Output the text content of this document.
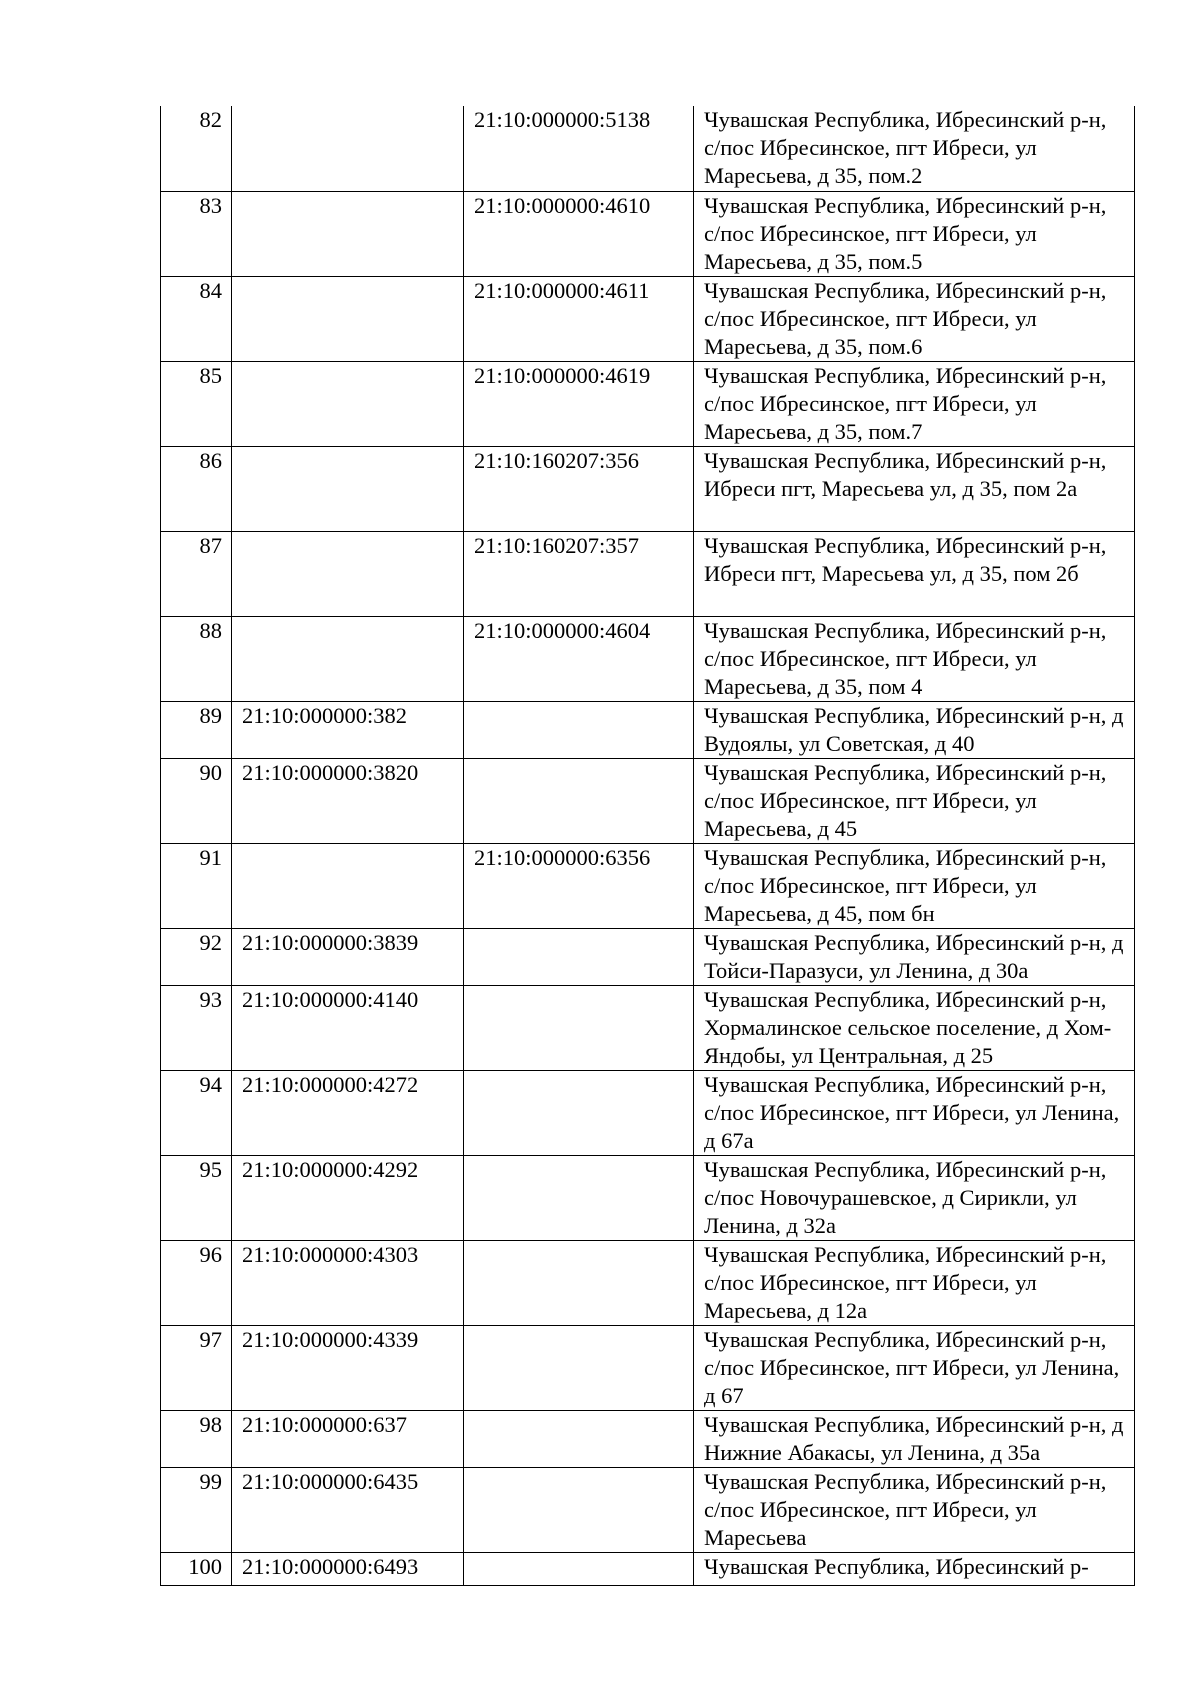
82		21:10:000000:5138	Чувашская Республика, Ибресинский р-н, с/пос Ибресинское, пгт Ибреси, ул Маресьева, д 35, пом.2
83		21:10:000000:4610	Чувашская Республика, Ибресинский р-н, с/пос Ибресинское, пгт Ибреси, ул Маресьева, д 35, пом.5
84		21:10:000000:4611	Чувашская Республика, Ибресинский р-н, с/пос Ибресинское, пгт Ибреси, ул Маресьева, д 35, пом.6
85		21:10:000000:4619	Чувашская Республика, Ибресинский р-н, с/пос Ибресинское, пгт Ибреси, ул Маресьева, д 35, пом.7
86		21:10:160207:356	Чувашская Республика, Ибресинский р-н, Ибреси пгт, Маресьева ул, д 35, пом 2а
87		21:10:160207:357	Чувашская Республика, Ибресинский р-н, Ибреси пгт, Маресьева ул, д 35, пом 2б
88		21:10:000000:4604	Чувашская Республика, Ибресинский р-н, с/пос Ибресинское, пгт Ибреси, ул Маресьева, д 35, пом 4
89	21:10:000000:382		Чувашская Республика, Ибресинский р-н, д Вудоялы, ул Советская, д 40
90	21:10:000000:3820		Чувашская Республика, Ибресинский р-н, с/пос Ибресинское, пгт Ибреси, ул Маресьева, д 45
91		21:10:000000:6356	Чувашская Республика, Ибресинский р-н, с/пос Ибресинское, пгт Ибреси, ул Маресьева, д 45, пом бн
92	21:10:000000:3839		Чувашская Республика, Ибресинский р-н, д Тойси-Паразуси, ул Ленина, д 30а
93	21:10:000000:4140		Чувашская Республика, Ибресинский р-н, Хормалинское сельское поселение, д Хом-Яндобы, ул Центральная, д 25
94	21:10:000000:4272		Чувашская Республика, Ибресинский р-н, с/пос Ибресинское, пгт Ибреси, ул Ленина, д 67а
95	21:10:000000:4292		Чувашская Республика, Ибресинский р-н, с/пос Новочурашевское, д Сирикли, ул Ленина, д 32а
96	21:10:000000:4303		Чувашская Республика, Ибресинский р-н, с/пос Ибресинское, пгт Ибреси, ул Маресьева, д 12а
97	21:10:000000:4339		Чувашская Республика, Ибресинский р-н, с/пос Ибресинское, пгт Ибреси, ул Ленина, д 67
98	21:10:000000:637		Чувашская Республика, Ибресинский р-н, д Нижние Абакасы, ул Ленина, д 35а
99	21:10:000000:6435		Чувашская Республика, Ибресинский р-н, с/пос Ибресинское, пгт Ибреси, ул Маресьева
100	21:10:000000:6493		Чувашская Республика, Ибресинский р-
